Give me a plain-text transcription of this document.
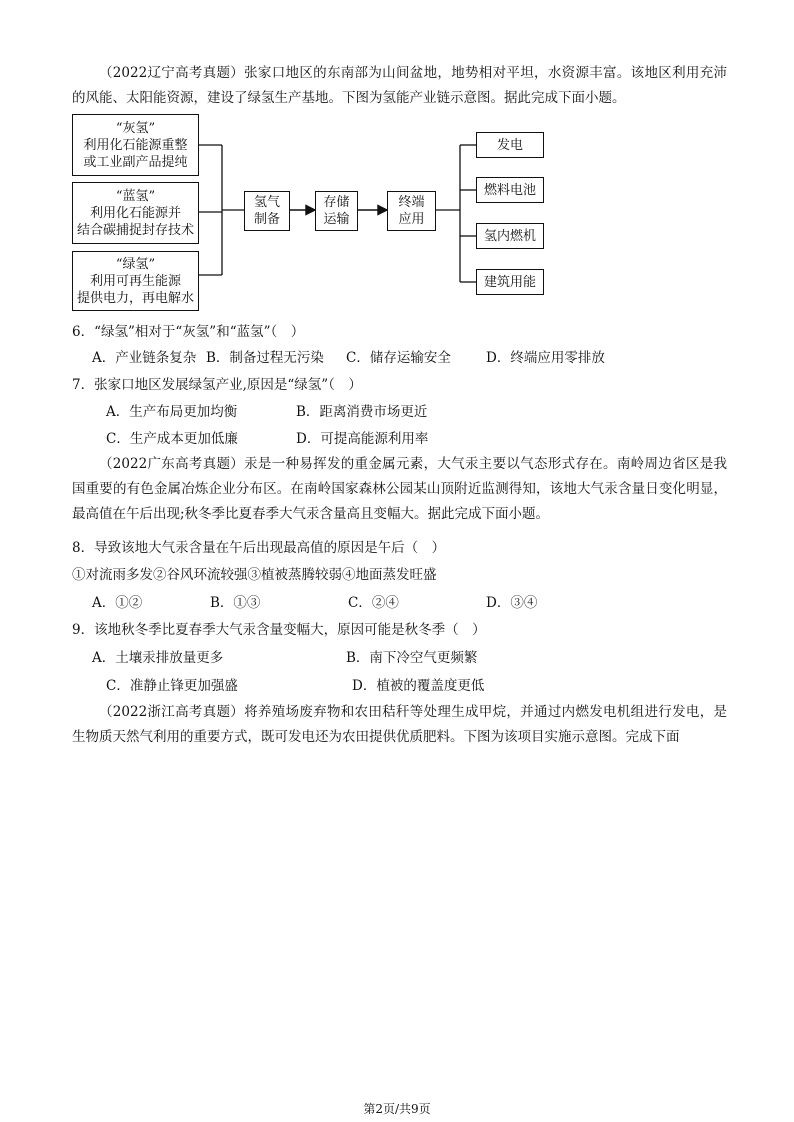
（2022辽宁高考真题）张家口地区的东南部为山间盆地，地势相对平坦，水资源丰富。该地区利用充沛的风能、太阳能资源，建设了绿氢生产基地。下图为氢能产业链示意图。据此完成下面小题。
“灰氢”
利用化石能源重整
或工业副产品提纯
“蓝氢”
利用化石能源并
结合碳捕捉封存技术
“绿氢”
利用可再生能源
提供电力，再电解水
氢气
制备
存储
运输
终端
应用
发电
燃料电池
氢内燃机
建筑用能
6．“绿氢”相对于“灰氢”和“蓝氢”（　）
A．产业链条复杂 B．制备过程无污染 C．储存运输安全	D．终端应用零排放
7．张家口地区发展绿氢产业,原因是“绿氢”（　）
A．生产布局更加均衡	B．距离消费市场更近
C．生产成本更加低廉	D．可提高能源利用率
（2022广东高考真题）汞是一种易挥发的重金属元素，大气汞主要以气态形式存在。南岭周边省区是我国重要的有色金属冶炼企业分布区。在南岭国家森林公园某山顶附近监测得知，该地大气汞含量日变化明显，最高值在午后出现;秋冬季比夏春季大气汞含量高且变幅大。据此完成下面小题。
8．导致该地大气汞含量在午后出现最高值的原因是午后（　）
①对流雨多发②谷风环流较强③植被蒸腾较弱④地面蒸发旺盛
A．①②	B．①③	C．②④	D．③④
9．该地秋冬季比夏春季大气汞含量变幅大，原因可能是秋冬季（　）
A．土壤汞排放量更多	B．南下冷空气更频繁
C．准静止锋更加强盛	D．植被的覆盖度更低
（2022浙江高考真题）将养殖场废弃物和农田秸秆等处理生成甲烷，并通过内燃发电机组进行发电，是生物质天然气利用的重要方式，既可发电还为农田提供优质肥料。下图为该项目实施示意图。完成下面
第2页/共9页
